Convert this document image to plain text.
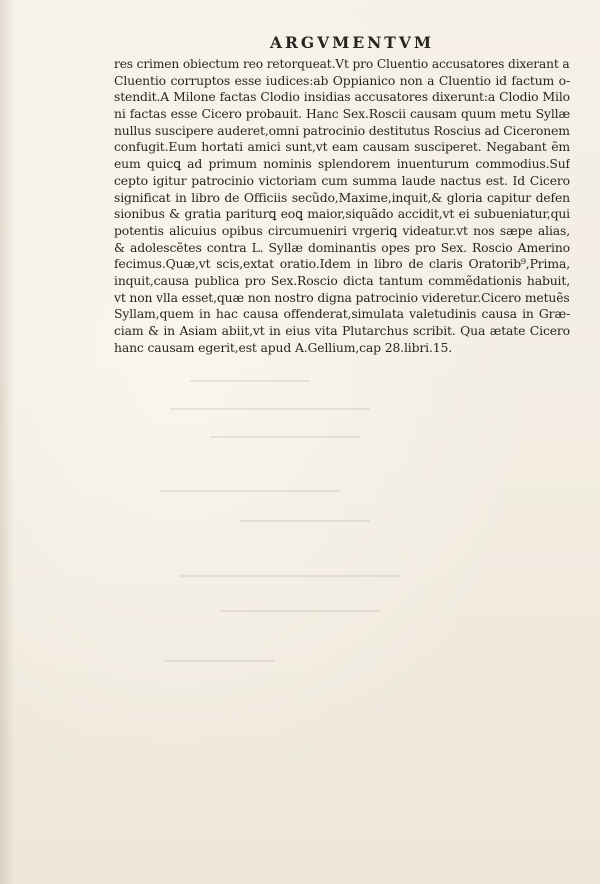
ARGVMENTVM
res crimen obiectum reo retorqueat.Vt pro Cluentio accusatores dixerant a
Cluentio corruptos esse iudices:ab Oppianico non a Cluentio id factum o-
stendit.A Milone factas Clodio insidias accusatores dixerunt:a Clodio Milo
ni factas esse Cicero probauit. Hanc Sex.Roscii causam quum metu Syllæ
nullus suscipere auderet,omni patrocinio destitutus Roscius ad Ciceronem
confugit.Eum hortati amici sunt,vt eam causam susciperet. Negabant ẽm
eum quicꝗ ad primum nominis splendorem inuenturum commodius.Suf
cepto igitur patrocinio victoriam cum summa laude nactus est. Id Cicero
significat in libro de Officiis secũdo,Maxime,inquit,& gloria capitur defen
sionibus & gratia pariturꝗ eoꝗ maior,siquãdo accidit,vt ei subueniatur,qui
potentis alicuius opibus circumueniri vrgeriꝗ videatur.vt nos sæpe alias,
& adolescẽtes contra L. Syllæ dominantis opes pro Sex. Roscio Amerino
fecimus.Quæ,vt scis,extat oratio.Idem in libro de claris Oratorib⁹,Prima,
inquit,causa publica pro Sex.Roscio dicta tantum commẽdationis habuit,
vt non vlla esset,quæ non nostro digna patrocinio videretur.Cicero metuẽs
Syllam,quem in hac causa offenderat,simulata valetudinis causa in Græ-
ciam & in Asiam abiit,vt in eius vita Plutarchus scribit. Qua ætate Cicero
hanc causam egerit,est apud A.Gellium,cap 28.libri.15.
